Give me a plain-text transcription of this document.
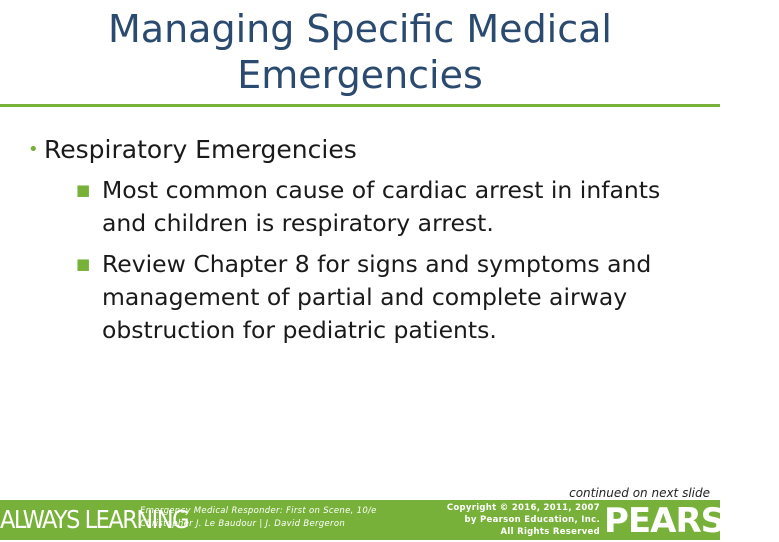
Managing Specific Medical
Emergencies
• Respiratory Emergencies
■ Most common cause of cardiac arrest in infants and children is respiratory arrest.
■ Review Chapter 8 for signs and symptoms and management of partial and complete airway obstruction for pediatric patients.
continued on next slide
ALWAYS LEARNING
Emergency Medical Responder: First on Scene, 10/e
Christopher J. Le Baudour | J. David Bergeron
Copyright © 2016, 2011, 2007
by Pearson Education, Inc.
All Rights Reserved PEARSON
